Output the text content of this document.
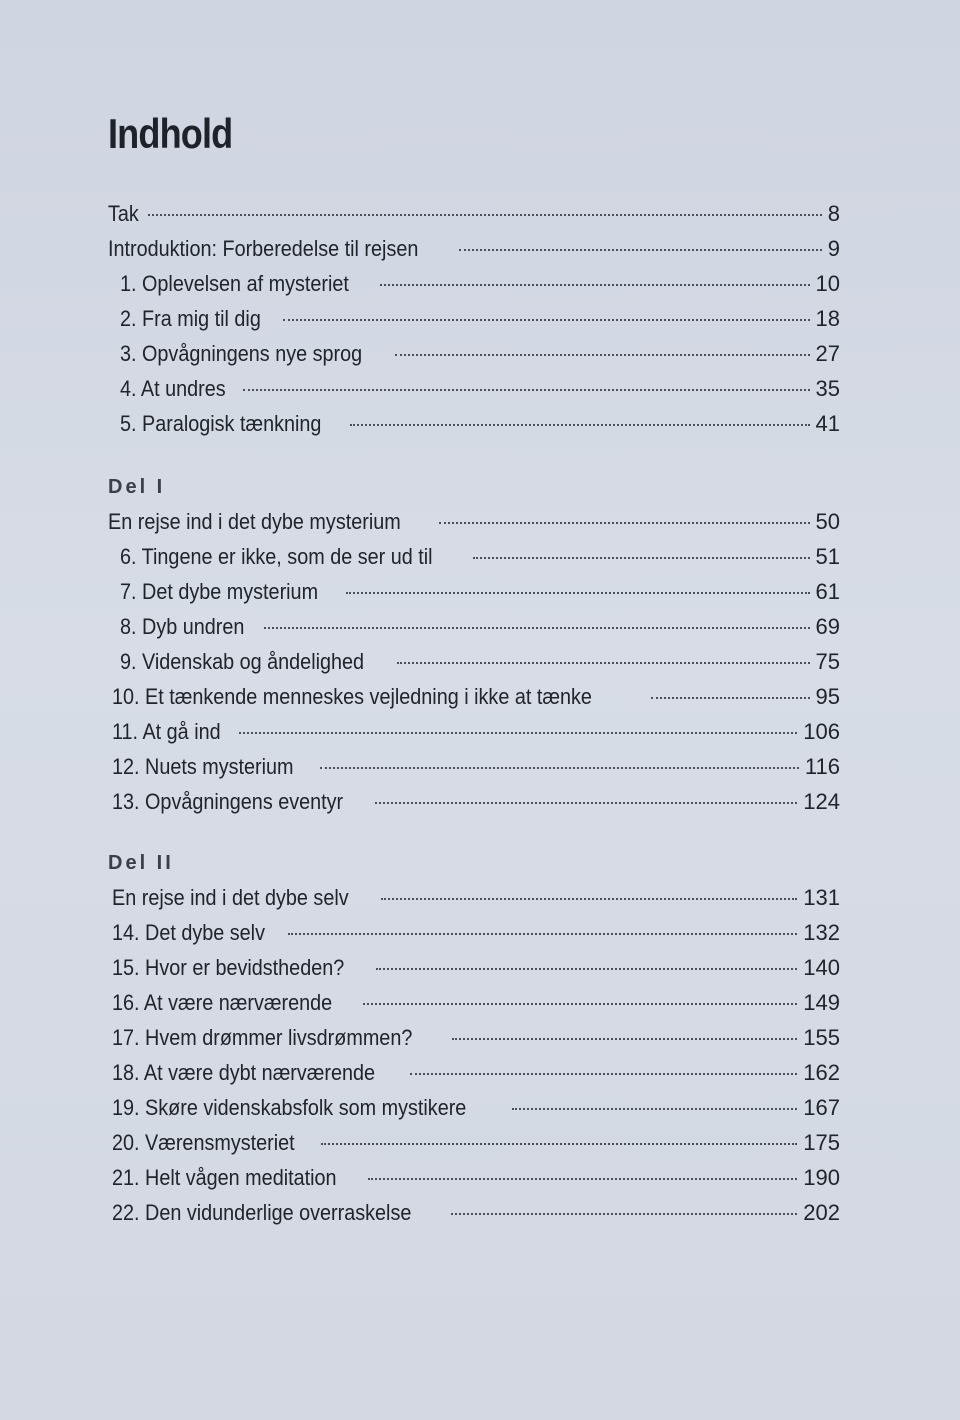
Indhold
Tak	8
Introduktion: Forberedelse til rejsen	9
1. Oplevelsen af mysteriet	10
2. Fra mig til dig	18
3. Opvågningens nye sprog	27
4. At undres	35
5. Paralogisk tænkning	41
Del I
En rejse ind i det dybe mysterium	50
6. Tingene er ikke, som de ser ud til	51
7. Det dybe mysterium	61
8. Dyb undren	69
9. Videnskab og åndelighed	75
10. Et tænkende menneskes vejledning i ikke at tænke	95
11. At gå ind	106
12. Nuets mysterium	116
13. Opvågningens eventyr	124
Del II
En rejse ind i det dybe selv	131
14. Det dybe selv	132
15. Hvor er bevidstheden?	140
16. At være nærværende	149
17. Hvem drømmer livsdrømmen?	155
18. At være dybt nærværende	162
19. Skøre videnskabsfolk som mystikere	167
20. Værensmysteriet	175
21. Helt vågen meditation	190
22. Den vidunderlige overraskelse	202
